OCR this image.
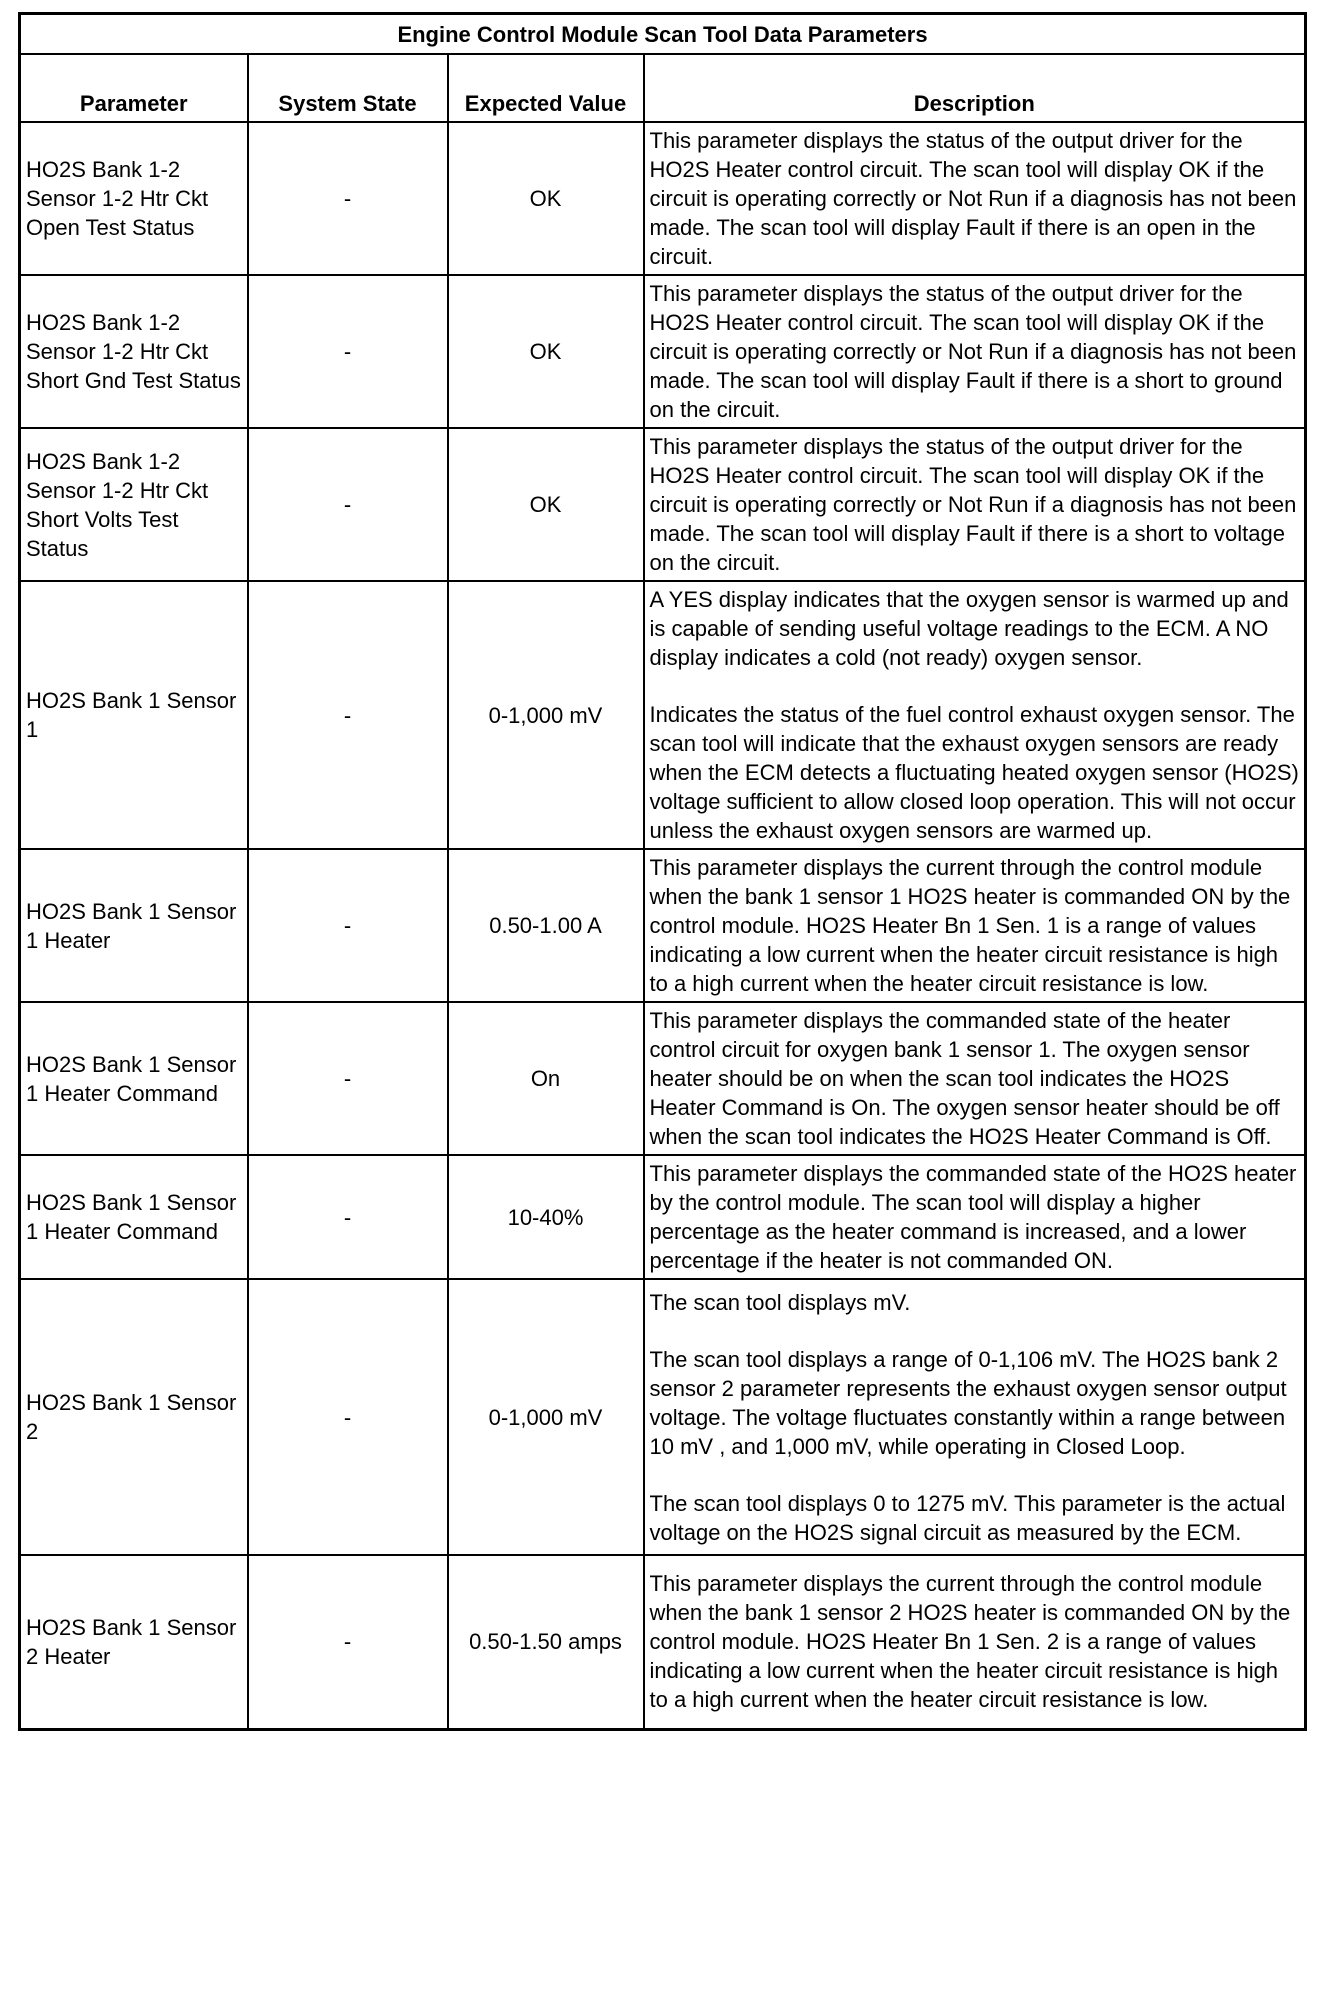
Engine Control Module Scan Tool Data Parameters			
Parameter	System State	Expected Value	Description
HO2S Bank 1-2 Sensor 1-2 Htr Ckt Open Test Status	-	OK	This parameter displays the status of the output driver for the HO2S Heater control circuit. The scan tool will display OK if the circuit is operating correctly or Not Run if a diagnosis has not been made. The scan tool will display Fault if there is an open in the circuit.

HO2S Bank 1-2 Sensor 1-2 Htr Ckt Short Gnd Test Status	-	OK	This parameter displays the status of the output driver for the HO2S Heater control circuit. The scan tool will display OK if the circuit is operating correctly or Not Run if a diagnosis has not been made. The scan tool will display Fault if there is a short to ground on the circuit.

HO2S Bank 1-2 Sensor 1-2 Htr Ckt Short Volts Test Status	-	OK	This parameter displays the status of the output driver for the HO2S Heater control circuit. The scan tool will display OK if the circuit is operating correctly or Not Run if a diagnosis has not been made. The scan tool will display Fault if there is a short to voltage on the circuit.

HO2S Bank 1 Sensor 1	-	0-1,000 mV	A YES display indicates that the oxygen sensor is warmed up and is capable of sending useful voltage readings to the ECM. A NO display indicates a cold (not ready) oxygen sensor.

Indicates the status of the fuel control exhaust oxygen sensor. The scan tool will indicate that the exhaust oxygen sensors are ready when the ECM detects a fluctuating heated oxygen sensor (HO2S) voltage sufficient to allow closed loop operation. This will not occur unless the exhaust oxygen sensors are warmed up.

HO2S Bank 1 Sensor 1 Heater	-	0.50-1.00 A	This parameter displays the current through the control module when the bank 1 sensor 1 HO2S heater is commanded ON by the control module. HO2S Heater Bn 1 Sen. 1 is a range of values indicating a low current when the heater circuit resistance is high to a high current when the heater circuit resistance is low.

HO2S Bank 1 Sensor 1 Heater Command	-	On	This parameter displays the commanded state of the heater control circuit for oxygen bank 1 sensor 1. The oxygen sensor heater should be on when the scan tool indicates the HO2S Heater Command is On. The oxygen sensor heater should be off when the scan tool indicates the HO2S Heater Command is Off.

HO2S Bank 1 Sensor 1 Heater Command	-	10-40%	This parameter displays the commanded state of the HO2S heater by the control module. The scan tool will display a higher percentage as the heater command is increased, and a lower percentage if the heater is not commanded ON.

HO2S Bank 1 Sensor 2	-	0-1,000 mV	The scan tool displays mV.

The scan tool displays a range of 0-1,106 mV. The HO2S bank 2 sensor 2 parameter represents the exhaust oxygen sensor output voltage. The voltage fluctuates constantly within a range between 10 mV , and 1,000 mV, while operating in Closed Loop.

The scan tool displays 0 to 1275 mV. This parameter is the actual voltage on the HO2S signal circuit as measured by the ECM.

HO2S Bank 1 Sensor 2 Heater	-	0.50-1.50 amps	This parameter displays the current through the control module when the bank 1 sensor 2 HO2S heater is commanded ON by the control module. HO2S Heater Bn 1 Sen. 2 is a range of values indicating a low current when the heater circuit resistance is high to a high current when the heater circuit resistance is low.
